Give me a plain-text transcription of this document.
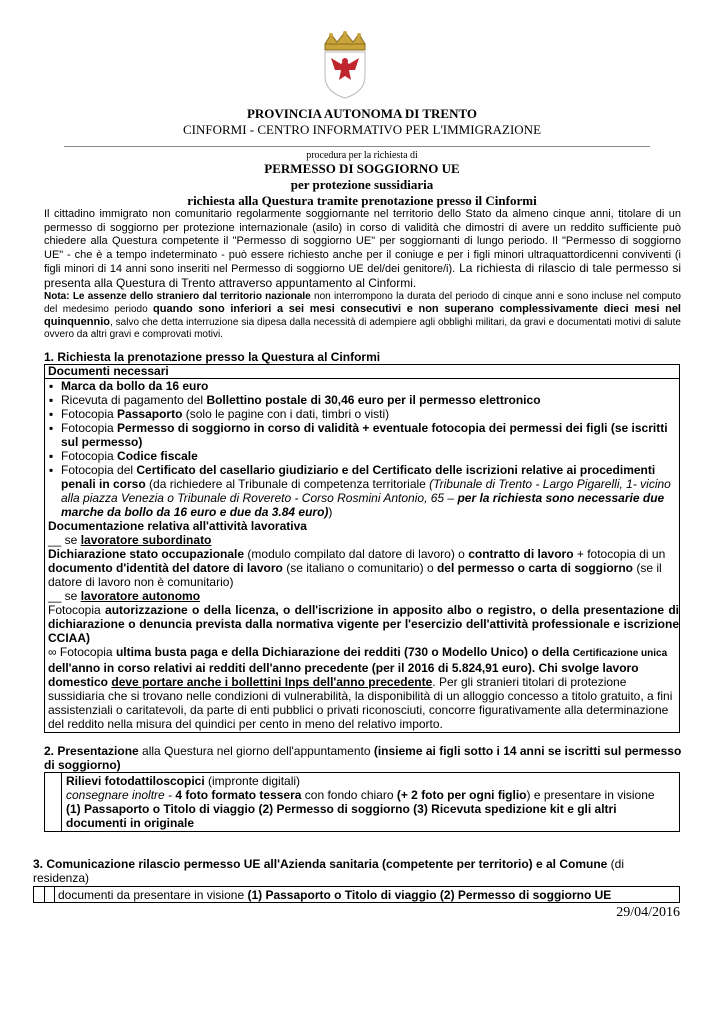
PROVINCIA AUTONOMA DI TRENTO
CINFORMI - CENTRO INFORMATIVO PER L'IMMIGRAZIONE
procedura per la richiesta di
PERMESSO DI SOGGIORNO UE
per protezione sussidiaria
richiesta alla Questura tramite prenotazione presso il Cinformi

Il cittadino immigrato non comunitario regolarmente soggiornante nel territorio dello Stato da almeno cinque anni, titolare di un permesso di soggiorno per protezione internazionale (asilo) in corso di validità che dimostri di avere un reddito sufficiente può chiedere alla Questura competente il "Permesso di soggiorno UE" per soggiornanti di lungo periodo. Il "Permesso di soggiorno UE" - che è a tempo indeterminato - può essere richiesto anche per il coniuge e per i figli minori ultraquattordicenni conviventi (i figli minori di 14 anni sono inseriti nel Permesso di soggiorno UE del/dei genitore/i). La richiesta di rilascio di tale permesso si presenta alla Questura di Trento attraverso appuntamento al Cinformi.

Nota: Le assenze dello straniero dal territorio nazionale non interrompono la durata del periodo di cinque anni e sono incluse nel computo del medesimo periodo quando sono inferiori a sei mesi consecutivi e non superano complessivamente dieci mesi nel quinquennio, salvo che detta interruzione sia dipesa dalla necessità di adempiere agli obblighi militari, da gravi e documentati motivi di salute ovvero da altri gravi e comprovati motivi.

1. Richiesta la prenotazione presso la Questura al Cinformi
Documenti necessari
▪ Marca da bollo da 16 euro
▪ Ricevuta di pagamento del Bollettino postale di 30,46 euro per il permesso elettronico
▪ Fotocopia Passaporto (solo le pagine con i dati, timbri o visti)
▪ Fotocopia Permesso di soggiorno in corso di validità + eventuale fotocopia dei permessi dei figli (se iscritti sul permesso)
▪ Fotocopia Codice fiscale
▪ Fotocopia del Certificato del casellario giudiziario e del Certificato delle iscrizioni relative ai procedimenti penali in corso (da richiedere al Tribunale di competenza territoriale (Tribunale di Trento - Largo Pigarelli, 1- vicino alla piazza Venezia o Tribunale di Rovereto - Corso Rosmini Antonio, 65 – per la richiesta sono necessarie due marche da bollo da 16 euro e due da 3.84 euro))
Documentazione relativa all'attività lavorativa
__ se lavoratore subordinato
Dichiarazione stato occupazionale (modulo compilato dal datore di lavoro) o contratto di lavoro + fotocopia di un documento d'identità del datore di lavoro (se italiano o comunitario) o del permesso o carta di soggiorno (se il datore di lavoro non è comunitario)
__ se lavoratore autonomo
Fotocopia autorizzazione o della licenza, o dell'iscrizione in apposito albo o registro, o della presentazione di dichiarazione o denuncia prevista dalla normativa vigente per l'esercizio dell'attività professionale e iscrizione CCIAA)
∞ Fotocopia ultima busta paga e della Dichiarazione dei redditi (730 o Modello Unico) o della Certificazione unica dell'anno in corso relativi ai redditi dell'anno precedente (per il 2016 di 5.824,91 euro). Chi svolge lavoro domestico deve portare anche i bollettini Inps dell'anno precedente. Per gli stranieri titolari di protezione sussidiaria che si trovano nelle condizioni di vulnerabilità, la disponibilità di un alloggio concesso a titolo gratuito, a fini assistenziali o caritatevoli, da parte di enti pubblici o privati riconosciuti, concorre figurativamente alla determinazione del reddito nella misura del quindici per cento in meno del relativo importo.
2. Presentazione alla Questura nel giorno dell'appuntamento (insieme ai figli sotto i 14 anni se iscritti sul permesso di soggiorno)
Rilievi fotodattiloscopici (impronte digitali)
consegnare inoltre - 4 foto formato tessera con fondo chiaro (+ 2 foto per ogni figlio) e presentare in visione (1) Passaporto o Titolo di viaggio (2) Permesso di soggiorno (3) Ricevuta spedizione kit e gli altri documenti in originale
3. Comunicazione rilascio permesso UE all'Azienda sanitaria (competente per territorio) e al Comune (di residenza)
documenti da presentare in visione (1) Passaporto o Titolo di viaggio (2) Permesso di soggiorno UE
29/04/2016
